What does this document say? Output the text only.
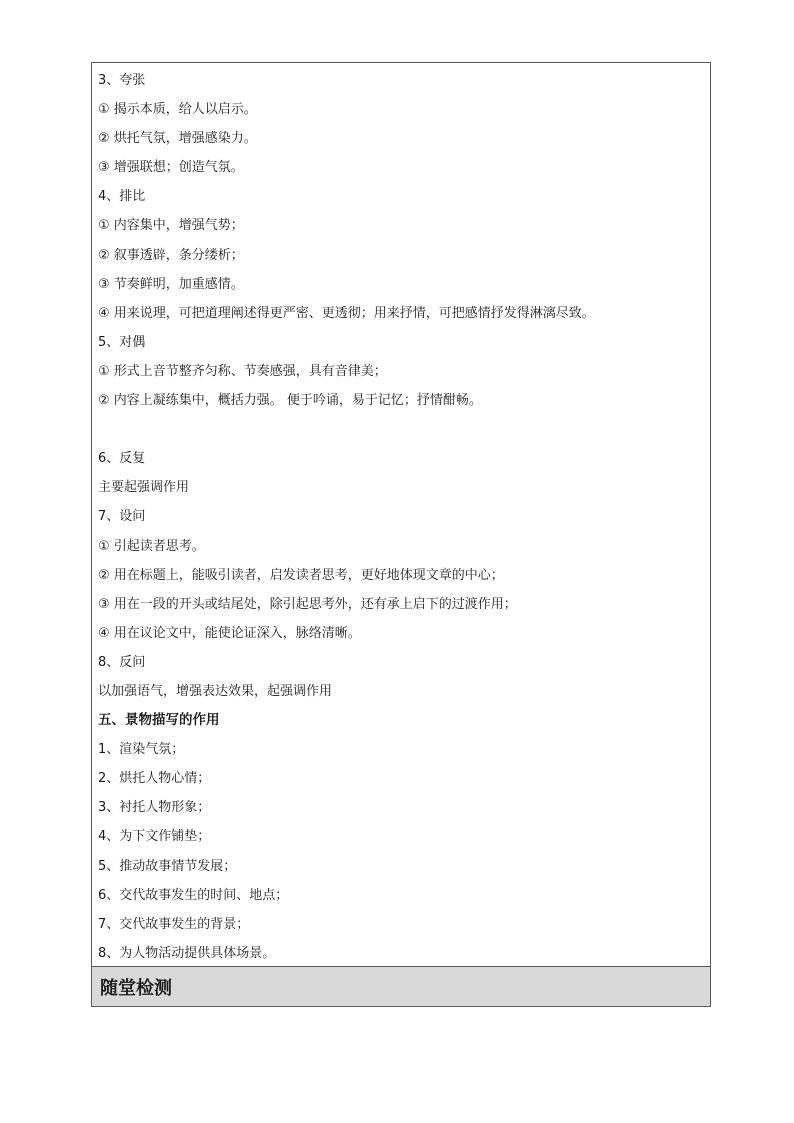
3、夸张
① 揭示本质，给人以启示。
② 烘托气氛，增强感染力。
③ 增强联想；创造气氛。
4、排比
① 内容集中，增强气势；
② 叙事透辟，条分缕析；
③ 节奏鲜明，加重感情。
④ 用来说理，可把道理阐述得更严密、更透彻；用来抒情，可把感情抒发得淋漓尽致。
5、对偶
① 形式上音节整齐匀称、节奏感强，具有音律美；
② 内容上凝练集中，概括力强。 便于吟诵，易于记忆；抒情酣畅。
6、反复
主要起强调作用
7、设问
① 引起读者思考。
② 用在标题上，能吸引读者，启发读者思考，更好地体现文章的中心；
③ 用在一段的开头或结尾处，除引起思考外，还有承上启下的过渡作用；
④ 用在议论文中，能使论证深入，脉络清晰。
8、反问
以加强语气，增强表达效果，起强调作用
五、景物描写的作用
1、渲染气氛；
2、烘托人物心情；
3、衬托人物形象；
4、为下文作铺垫；
5、推动故事情节发展；
6、交代故事发生的时间、地点；
7、交代故事发生的背景；
8、为人物活动提供具体场景。
随堂检测
